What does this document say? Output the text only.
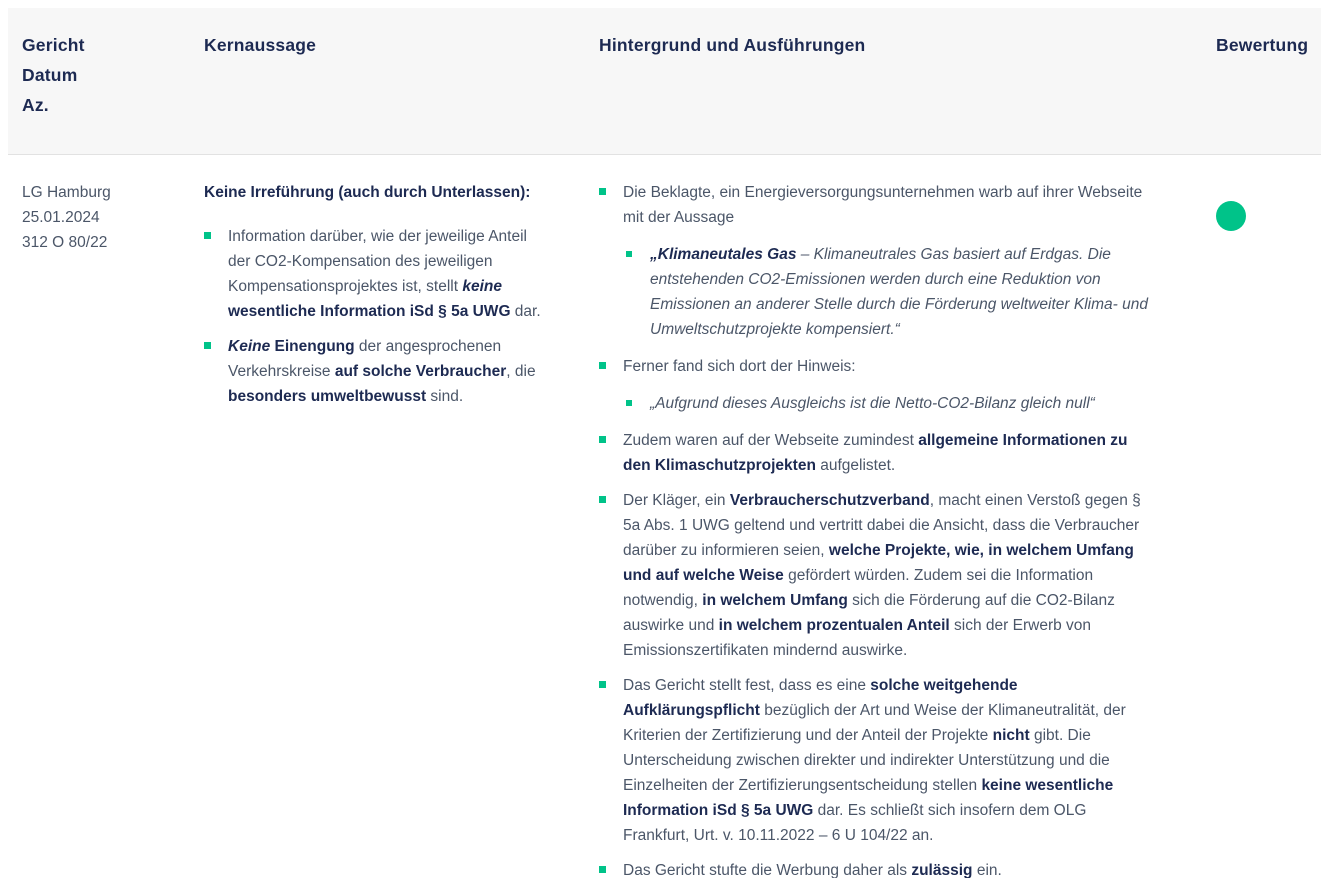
Gericht
Datum
Az.
Kernaussage	Hintergrund und Ausführungen	Bewertung
LG Hamburg
25.01.2024
312 O 80/22
Keine Irreführung (auch durch Unterlassen):
Information darüber, wie der jeweilige Anteil der CO2-Kompensation des jeweiligen Kompensationsprojektes ist, stellt keine wesentliche Information iSd § 5a UWG dar.
Keine Einengung der angesprochenen Verkehrskreise auf solche Verbraucher, die besonders umweltbewusst sind.
Die Beklagte, ein Energieversorgungsunternehmen warb auf ihrer Webseite mit der Aussage
„Klimaneutales Gas – Klimaneutrales Gas basiert auf Erdgas. Die entstehenden CO2-Emissionen werden durch eine Reduktion von Emissionen an anderer Stelle durch die Förderung weltweiter Klima- und Umweltschutzprojekte kompensiert.“
Ferner fand sich dort der Hinweis:
„Aufgrund dieses Ausgleichs ist die Netto-CO2-Bilanz gleich null“
Zudem waren auf der Webseite zumindest allgemeine Informationen zu den Klimaschutzprojekten aufgelistet.
Der Kläger, ein Verbraucherschutzverband, macht einen Verstoß gegen § 5a Abs. 1 UWG geltend und vertritt dabei die Ansicht, dass die Verbraucher darüber zu informieren seien, welche Projekte, wie, in welchem Umfang und auf welche Weise gefördert würden. Zudem sei die Information notwendig, in welchem Umfang sich die Förderung auf die CO2-Bilanz auswirke und in welchem prozentualen Anteil sich der Erwerb von Emissionszertifikaten mindernd auswirke.
Das Gericht stellt fest, dass es eine solche weitgehende Aufklärungspflicht bezüglich der Art und Weise der Klimaneutralität, der Kriterien der Zertifizierung und der Anteil der Projekte nicht gibt. Die Unterscheidung zwischen direkter und indirekter Unterstützung und die Einzelheiten der Zertifizierungsentscheidung stellen keine wesentliche Information iSd § 5a UWG dar. Es schließt sich insofern dem OLG Frankfurt, Urt. v. 10.11.2022 – 6 U 104/22 an.
Das Gericht stufte die Werbung daher als zulässig ein.
